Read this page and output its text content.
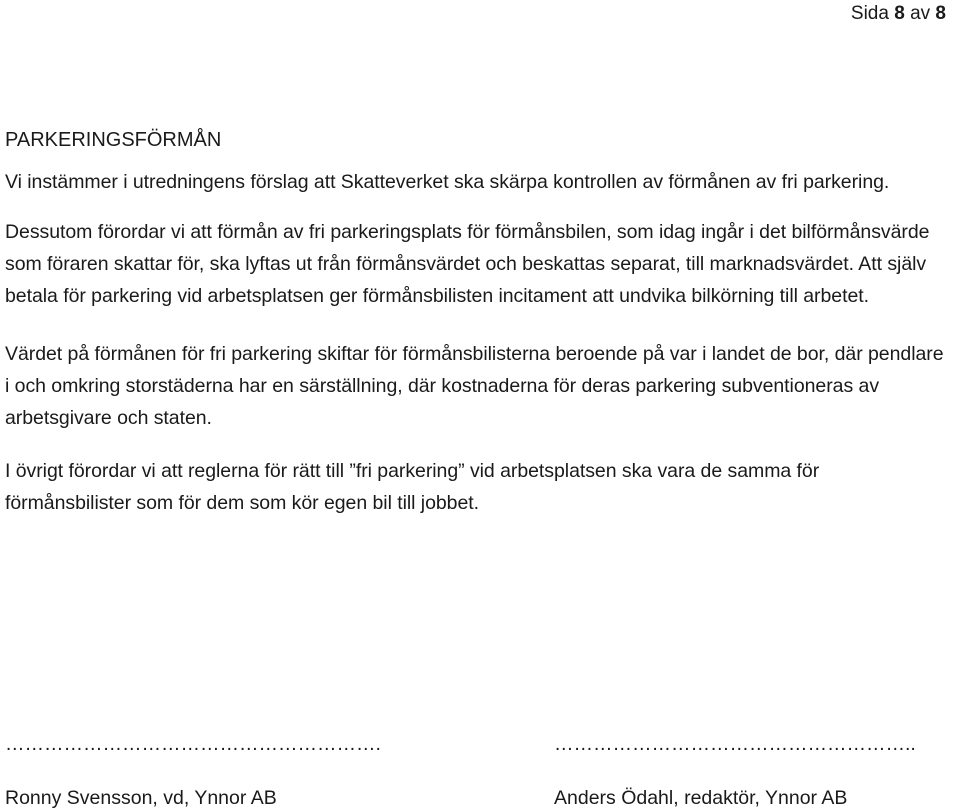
Sida 8 av 8
PARKERINGSFÖRMÅN

Vi instämmer i utredningens förslag att Skatteverket ska skärpa kontrollen av förmånen av fri parkering.

Dessutom förordar vi att förmån av fri parkeringsplats för förmånsbilen, som idag ingår i det bilförmånsvärde som föraren skattar för, ska lyftas ut från förmånsvärdet och beskattas separat, till marknadsvärdet. Att själv betala för parkering vid arbetsplatsen ger förmånsbilisten incitament att undvika bilkörning till arbetet.

Värdet på förmånen för fri parkering skiftar för förmånsbilisterna beroende på var i landet de bor, där pendlare i och omkring storstäderna har en särställning, där kostnaderna för deras parkering subventioneras av arbetsgivare och staten.

I övrigt förordar vi att reglerna för rätt till ”fri parkering” vid arbetsplatsen ska vara de samma för förmånsbilister som för dem som kör egen bil till jobbet.

………………………………………………….	………………………………………………..
Ronny Svensson, vd, Ynnor AB	Anders Ödahl, redaktör, Ynnor AB
